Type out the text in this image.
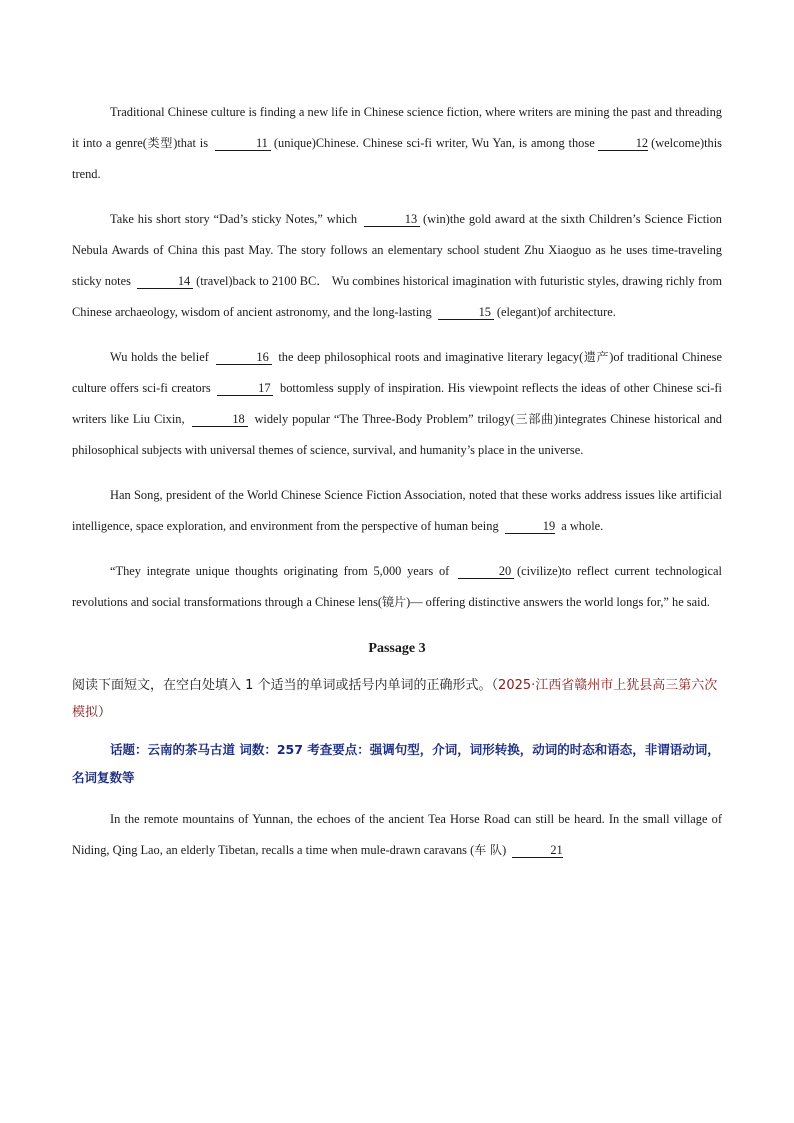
Traditional Chinese culture is finding a new life in Chinese science fiction, where writers are mining the past and threading it into a genre(类型)that is	11 (unique)Chinese. Chinese sci-fi writer, Wu Yan, is among those	12 (welcome)this trend.

Take his short story “Dad’s sticky Notes,” which	13 (win)the gold award at the sixth Children’s Science Fiction Nebula Awards of China this past May. The story follows an elementary school student Zhu Xiaoguo as he uses time-traveling sticky notes	14 (travel)back to 2100 BC． Wu combines historical imagination with futuristic styles, drawing richly from Chinese archaeology, wisdom of ancient astronomy, and the long-lasting	15 (elegant)of architecture.

Wu holds the belief	16 the deep philosophical roots and imaginative literary legacy(遗产)of traditional Chinese culture offers sci-fi creators	17 bottomless supply of inspiration. His viewpoint reflects the ideas of other Chinese sci-fi writers like Liu Cixin,	18 widely popular “The Three-Body Problem” trilogy(三部曲)integrates Chinese historical and philosophical subjects with universal themes of science, survival, and humanity’s place in the universe.

Han Song, president of the World Chinese Science Fiction Association, noted that these works address issues like artificial intelligence, space exploration, and environment from the perspective of human being	19 a whole.

“They integrate unique thoughts originating from 5,000 years of	20 (civilize)to reflect current technological revolutions and social transformations through a Chinese lens(镜片)— offering distinctive answers the world longs for,” he said.

Passage 3

阅读下面短文，在空白处填入 1 个适当的单词或括号内单词的正确形式。（2025·江西省赣州市上犹县高三第六次模拟）

话题：云南的茶马古道 词数：257 考查要点：强调句型，介词，词形转换，动词的时态和语态，非谓语动词，名词复数等

In the remote mountains of Yunnan, the echoes of the ancient Tea Horse Road can still be heard. In the small village of Niding, Qing Lao, an elderly Tibetan, recalls a time when mule-drawn caravans (车 队)	21
